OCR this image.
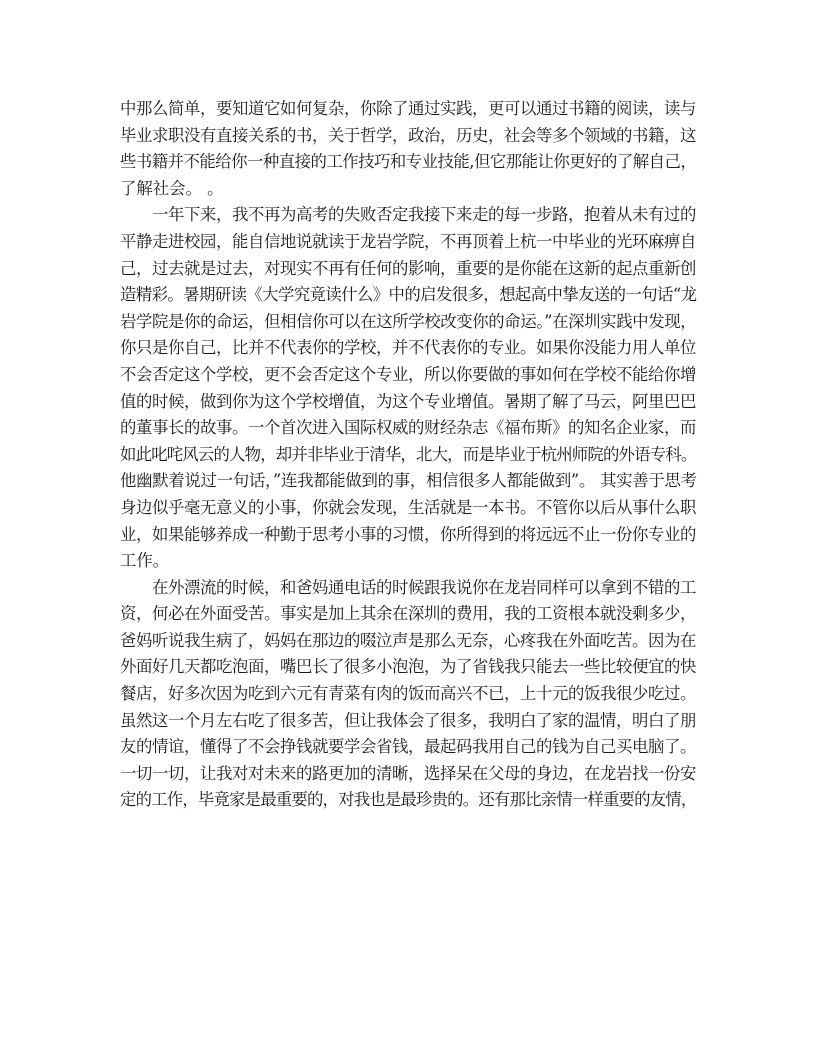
中那么简单，要知道它如何复杂，你除了通过实践，更可以通过书籍的阅读，读与
毕业求职没有直接关系的书，关于哲学，政治，历史，社会等多个领域的书籍，这
些书籍并不能给你一种直接的工作技巧和专业技能,但它那能让你更好的了解自己，
了解社会。 。
　　一年下来，我不再为高考的失败否定我接下来走的每一步路，抱着从未有过的
平静走进校园，能自信地说就读于龙岩学院，不再顶着上杭一中毕业的光环麻痹自
己，过去就是过去，对现实不再有任何的影响，重要的是你能在这新的起点重新创
造精彩。暑期研读《大学究竟读什么》中的启发很多，想起高中挚友送的一句话“龙
岩学院是你的命运，但相信你可以在这所学校改变你的命运。”在深圳实践中发现，
你只是你自己，比并不代表你的学校，并不代表你的专业。如果你没能力用人单位
不会否定这个学校，更不会否定这个专业，所以你要做的事如何在学校不能给你增
值的时候，做到你为这个学校增值，为这个专业增值。暑期了解了马云，阿里巴巴
的董事长的故事。一个首次进入国际权威的财经杂志《福布斯》的知名企业家，而
如此叱咤风云的人物，却并非毕业于清华，北大，而是毕业于杭州师院的外语专科。
他幽默着说过一句话，”连我都能做到的事，相信很多人都能做到”。 其实善于思考
身边似乎毫无意义的小事，你就会发现，生活就是一本书。不管你以后从事什么职
业，如果能够养成一种勤于思考小事的习惯，你所得到的将远远不止一份你专业的
工作。
　　在外漂流的时候，和爸妈通电话的时候跟我说你在龙岩同样可以拿到不错的工
资，何必在外面受苦。事实是加上其余在深圳的费用，我的工资根本就没剩多少，
爸妈听说我生病了，妈妈在那边的啜泣声是那么无奈，心疼我在外面吃苦。因为在
外面好几天都吃泡面，嘴巴长了很多小泡泡，为了省钱我只能去一些比较便宜的快
餐店，好多次因为吃到六元有青菜有肉的饭而高兴不已，上十元的饭我很少吃过。
虽然这一个月左右吃了很多苦，但让我体会了很多，我明白了家的温情，明白了朋
友的情谊，懂得了不会挣钱就要学会省钱，最起码我用自己的钱为自己买电脑了。
一切一切，让我对对未来的路更加的清晰，选择呆在父母的身边，在龙岩找一份安
定的工作，毕竟家是最重要的，对我也是最珍贵的。还有那比亲情一样重要的友情，
